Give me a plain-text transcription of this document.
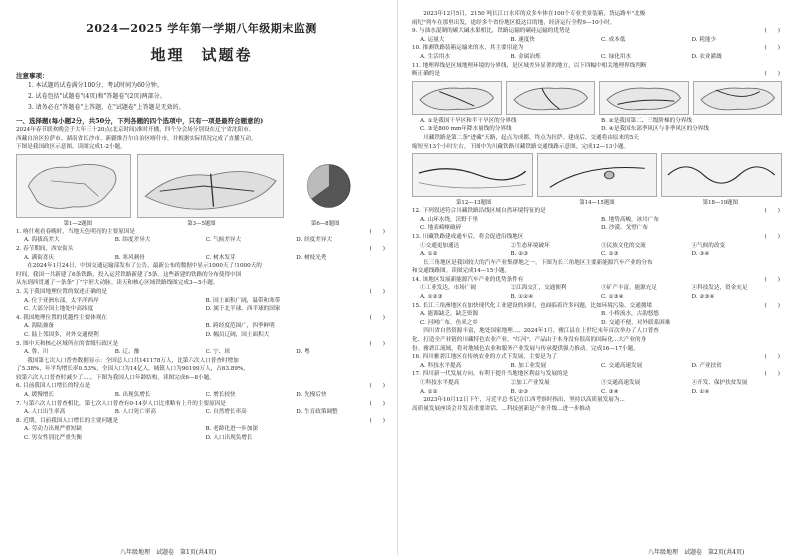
2024—2025 学年第一学期八年级期末监测
地理　试题卷
注意事项：
1. 本试题的试卷满分100分，考试时间为60分钟。
2. 试卷包括"试题卷"(4页)和"答题卷"(2页)两部分。
3. 请务必在"答题卷"上答题，在"试题卷"上答题是无效的。
一、选择题(每小题2分，共50分，下列各题的四个选项中，只有一项是最符合题意的)
2024年春节联欢晚会于大年三十20点(北京时间)准时开播，四个分会场分别设在辽宁省沈阳市、
西藏自治区拉萨市、湖南省长沙市、新疆维吾尔自治区喀什市，并根据实际情况完成了直播互动，
下图是我国政区示意图。读图完成1-2小题。
第1—2题图	第3—5题图	第6—8题图
1. 喀什观看春晚时，当地天色明亮的主要原因是	(　　)
A. 海拔高差大	B. 纬度差异大	C. 气候差异大	D. 经度差异大
2. 春节期间，西安街头	(　　)
A. 满街喜庆	B. 寒风刺骨	C. 树木发芽	D. 树枝光秃
　　在2024年1月24日，中国交通运输部发布了公告，最新公布的数据中显示1000天了!1000天的
时间，我国一共新建了6条铁路，投入运营铁路新建了5条。这些新建的铁路的分布使得中国
从东到西贯通了一条条"丁"字形大动脉。读天和核心区域铁路线图完成3—5小题。
3. 关于我国地理位置的叙述正确的是	(　　)
A. 位于亚洲东部，太平洋西岸	B. 国土面积广阔，温带和寒带
C. 大部分国土地处中高纬度	D. 属于北半球、西半球的国家
4. 我国地理位置的优越性主要体现在	(　　)
A. 海陆兼备	B. 跨经度范围广，四季鲜明
C. 陆上邻国多，对外交通便利	D. 幅员辽阔，国土面积大
5. 图中天和核心区域所在的省级行政区是	(　　)
A. 鲁、川	B. 辽、豫	C. 宁、琼	D. 粤
　　我国第七次人口普查数据显示：全国总人口共141178万人，比第六次人口普查时增加
了5.38%，年平均增长率0.53%，全国人口为14亿人，城镇人口为90199万人，占63.89%，
较第六次人口普查时减少了....。下图为我国人口年龄结构，读图完成6—8小题。
6. 目前我国人口增长的特点是	(　　)
A. 缓慢增长	B. 出现负增长	C. 增长较快	D. 先慢后快
7. 与第六次人口普查相比，第七次人口普查有0-14岁人口比重略有上升的主要原因是	(　　)
A. 人口出生率高	B. 人口死亡率高	C. 自然增长率高	D. 生育政策调整
8. 近期，目前我国人口增长的主要问题是	(　　)
A. 劳动力出现严重短缺	B. 老龄化进一步加深
C. 男女性别比严重失衡	D. 人口出现负增长
八年级地理　试题卷　第1页(共4页)
　　2023年12月5日，2150 吨长江口水库的众多车体在100个专业美景装箱，货运路车"北极
雨纪"列车在那里出发，途经多个省份地区抵达目的地，经济运行全程9—10小时。
9. 与油水混制的碳大碱水果相比，铁路运输的碳硅运输的优势是	(　　)
A. 运量大	B. 速度快	C. 成本低	D. 耗能少
10. 推测铁路装箱运输来的水，其主要用途为	(　　)
A. 生活用水	B. 金属冶炼	C. 绿化用水	D. 农业灌溉
11. 地理界线是区域地理环境的分界线，是区域差异显著的地方，以下四幅中相关地理界线判断
断正确的是	(　　)
A. ①是我国干旱区和半干旱区的分界线	B. ②是我国第二、三级阶梯的分界线
C. ③是800 mm年降水量线的分界线	D. ④是我国东部季风区与非季风区的分界线
　　川藏铁路是第二条"进藏"天路，起点为成都，终点为拉萨。建成后，交通将由原来的5天
缩短至13个小时左右。下图中为川藏铁路川藏铁路交通线路示意图。完成12—13小题。
第12—13题图	第14—15题图	第18—19题图
12. 下列叙述符合川藏铁路沿线区域自然环境特征的是	(　　)
A. 山环水绕，沃野千里	B. 地势高峻，冰川广布
C. 地表崎岖破碎	D. 沙漠、戈壁广布
13. 川藏铁路建成通车后，将会促进沿线地区	(　　)
①交通更加通达	②生态环境破坏	③民族文化的交流	④气候的改变
A. ①②	B. ②③	C. ①③	D. ③④
　　长三角地区是我国较大的汽车产业集群地之一，下图为长三角地区主要新能源汽车产业的分布
和交通线路图。读图完成14—15小题。
14. 该地区发展新能源汽车产业的优势条件有	(　　)
①工业发达，市场广阔	②江海交汇，交通便利	③矿产丰富，能源充足	④科技发达，资金充足
A. ①②③	B. ①②④	C. ①③④	D. ②③④
15. 长江三角洲地区在加快现代化工业建设的同时，也面临着许多问题，比如环境污染、交通拥堵	(　　)
A. 能源缺乏，缺乏资源	B. 小桥流水，古韵悠悠
C. 河网广布，鱼米之乡	D. 交通不便，对外联系困难
　　四川省自然资源丰富，地处国家地理...。2024年1月，雅江县在上世纪末年首次举办了人口普查
化、打造全产业链的川藏特色农业产业。"红河"，产品由于本身没有很高的国际化...大产业的身
份。雅砻江流域，将对地域色农业和服务产业发展与传承提供强力推动。完成16—17小题。
16. 四川雅砻江地区在传统农业的方式下发展，主要是为了	(　　)
A. 科技水平提高	B. 加工业发展	C. 交通高速发展	D. 产业扶贫
17. 四川新一代发展方向，有利于提升当地地区利益与发展的是	(　　)
①科技水平提高	②加工产业发展	③交通高速发展	④开发、保护扶贫发展
A. ①②	B. ②③	C. ③④	D. ①④
　　2023年10月12日下午，习近平总书记在江西考察时指出，坚持以高质量发展为...
高质量发展座谈会并发表重要讲话。...科技创新是产业升级...进一步推动
八年级地理　试题卷　第2页(共4页)
